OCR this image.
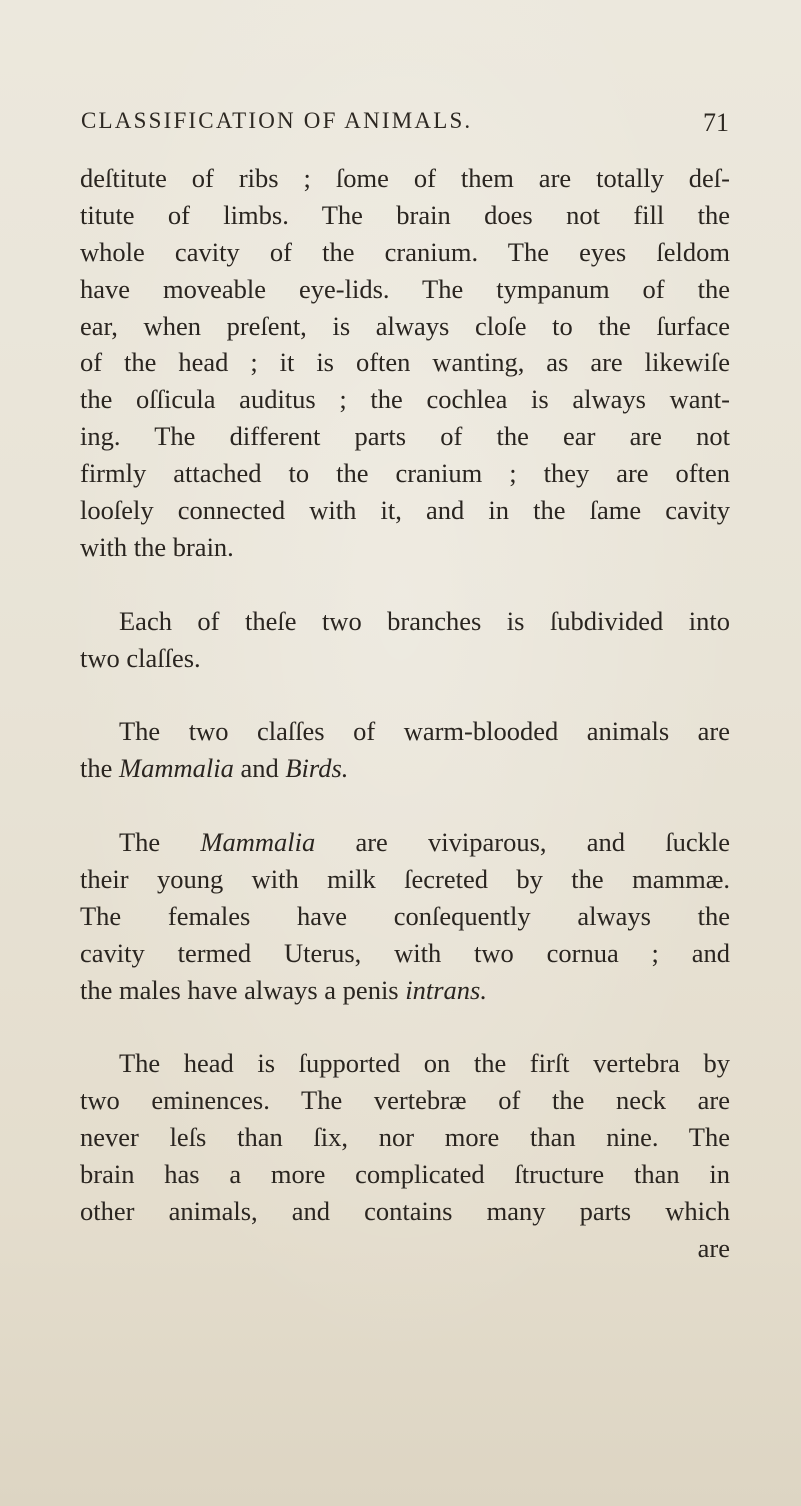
CLASSIFICATION OF ANIMALS.	71
deſtitute of ribs ; ſome of them are totally deſ-
titute of limbs. The brain does not fill the
whole cavity of the cranium. The eyes ſeldom
have moveable eye-lids. The tympanum of the
ear, when preſent, is always cloſe to the ſurface
of the head ; it is often wanting, as are likewiſe
the oſſicula auditus ; the cochlea is always want-
ing. The different parts of the ear are not
firmly attached to the cranium ; they are often
looſely connected with it, and in the ſame cavity
with the brain.
Each of theſe two branches is ſubdivided into
two claſſes.
The two claſſes of warm-blooded animals are
the Mammalia and Birds.
The Mammalia are viviparous, and ſuckle
their young with milk ſecreted by the mammæ.
The females have conſequently always the
cavity termed Uterus, with two cornua ; and
the males have always a penis intrans.
The head is ſupported on the firſt vertebra by
two eminences. The vertebræ of the neck are
never leſs than ſix, nor more than nine. The
brain has a more complicated ſtructure than in
other animals, and contains many parts which
are
